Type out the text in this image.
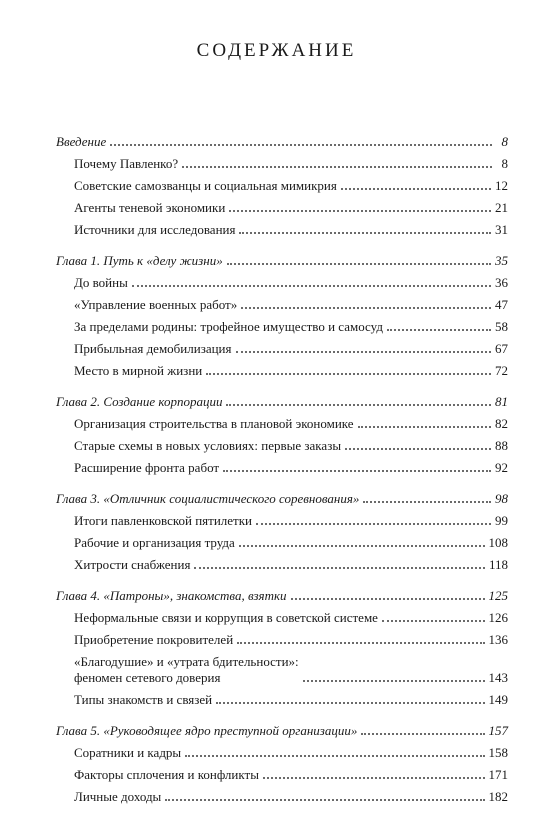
СОДЕРЖАНИЕ
Введение	8
Почему Павленко?	8
Советские самозванцы и социальная мимикрия	12
Агенты теневой экономики	21
Источники для исследования	31
Глава 1. Путь к «делу жизни»	35
До войны	36
«Управление военных работ»	47
За пределами родины: трофейное имущество и самосуд	58
Прибыльная демобилизация	67
Место в мирной жизни	72
Глава 2. Создание корпорации	81
Организация строительства в плановой экономике	82
Старые схемы в новых условиях: первые заказы	88
Расширение фронта работ	92
Глава 3. «Отличник социалистического соревнования»	98
Итоги павленковской пятилетки	99
Рабочие и организация труда	108
Хитрости снабжения	118
Глава 4. «Патроны», знакомства, взятки	125
Неформальные связи и коррупция в советской системе	126
Приобретение покровителей	136
«Благодушие» и «утрата бдительности»:
феномен сетевого доверия	143
Типы знакомств и связей	149
Глава 5. «Руководящее ядро преступной организации»	157
Соратники и кадры	158
Факторы сплочения и конфликты	171
Личные доходы	182
